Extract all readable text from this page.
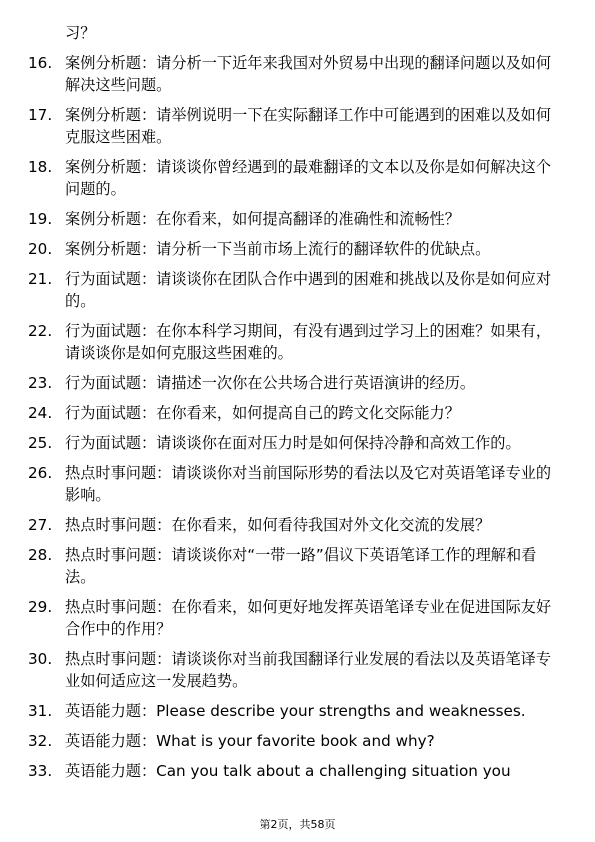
习？
16. 案例分析题：请分析一下近年来我国对外贸易中出现的翻译问题以及如何解决这些问题。
17. 案例分析题：请举例说明一下在实际翻译工作中可能遇到的困难以及如何克服这些困难。
18. 案例分析题：请谈谈你曾经遇到的最难翻译的文本以及你是如何解决这个问题的。
19. 案例分析题：在你看来，如何提高翻译的准确性和流畅性？
20. 案例分析题：请分析一下当前市场上流行的翻译软件的优缺点。
21. 行为面试题：请谈谈你在团队合作中遇到的困难和挑战以及你是如何应对的。
22. 行为面试题：在你本科学习期间，有没有遇到过学习上的困难？如果有，请谈谈你是如何克服这些困难的。
23. 行为面试题：请描述一次你在公共场合进行英语演讲的经历。
24. 行为面试题：在你看来，如何提高自己的跨文化交际能力？
25. 行为面试题：请谈谈你在面对压力时是如何保持冷静和高效工作的。
26. 热点时事问题：请谈谈你对当前国际形势的看法以及它对英语笔译专业的影响。
27. 热点时事问题：在你看来，如何看待我国对外文化交流的发展？
28. 热点时事问题：请谈谈你对“一带一路”倡议下英语笔译工作的理解和看法。
29. 热点时事问题：在你看来，如何更好地发挥英语笔译专业在促进国际友好合作中的作用？
30. 热点时事问题：请谈谈你对当前我国翻译行业发展的看法以及英语笔译专业如何适应这一发展趋势。
31. 英语能力题：Please describe your strengths and weaknesses.
32. 英语能力题：What is your favorite book and why?
33. 英语能力题：Can you talk about a challenging situation you
第2页，共58页
